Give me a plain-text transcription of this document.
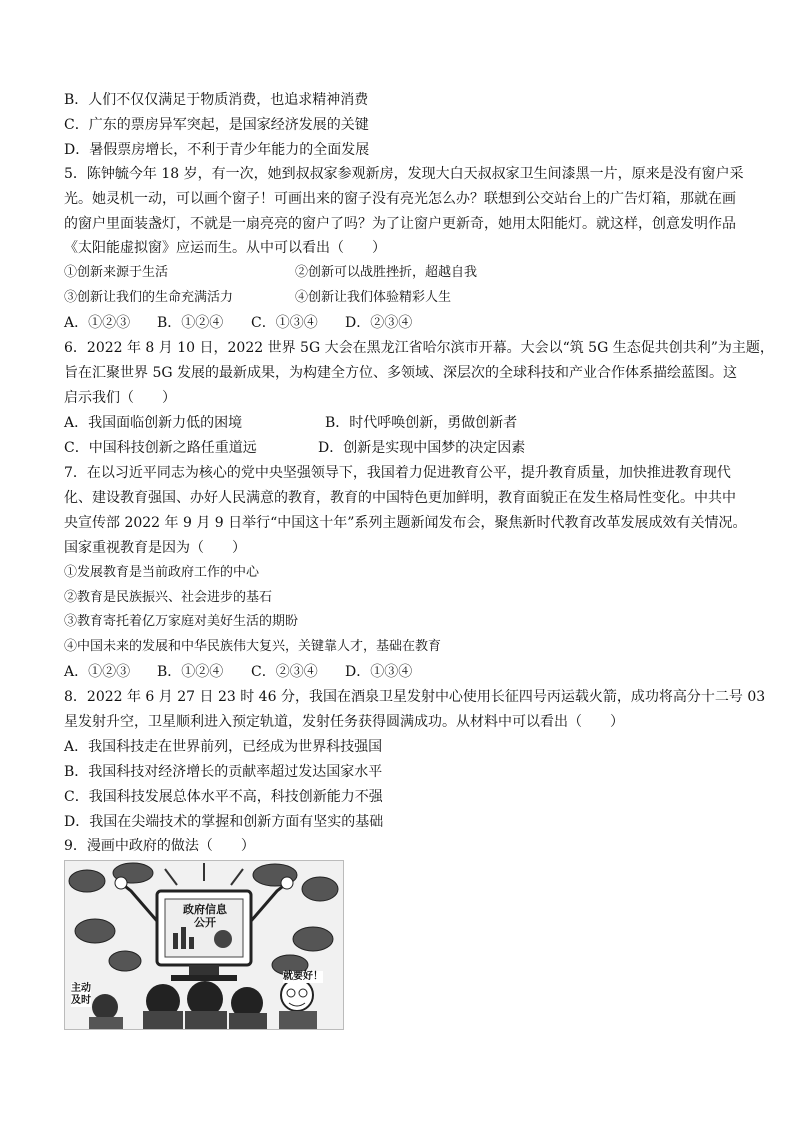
B．人们不仅仅满足于物质消费，也追求精神消费
C．广东的票房异军突起，是国家经济发展的关键
D．暑假票房增长，不利于青少年能力的全面发展
5．陈钟毓今年 18 岁，有一次，她到叔叔家参观新房，发现大白天叔叔家卫生间漆黑一片，原来是没有窗户采
光。她灵机一动，可以画个窗子！可画出来的窗子没有亮光怎么办？联想到公交站台上的广告灯箱，那就在画
的窗户里面装盏灯，不就是一扇亮亮的窗户了吗？为了让窗户更新奇，她用太阳能灯。就这样，创意发明作品
《太阳能虚拟窗》应运而生。从中可以看出（　　）
①创新来源于生活	②创新可以战胜挫折，超越自我
③创新让我们的生命充满活力	④创新让我们体验精彩人生
A．①②③ B．①②④ C．①③④ D．②③④
6．2022 年 8 月 10 日，2022 世界 5G 大会在黑龙江省哈尔滨市开幕。大会以“筑 5G 生态促共创共利”为主题，
旨在汇聚世界 5G 发展的最新成果，为构建全方位、多领域、深层次的全球科技和产业合作体系描绘蓝图。这
启示我们（　　）
A．我国面临创新力低的困境	B．时代呼唤创新，勇做创新者
C．中国科技创新之路任重道远	D．创新是实现中国梦的决定因素
7．在以习近平同志为核心的党中央坚强领导下，我国着力促进教育公平，提升教育质量，加快推进教育现代
化、建设教育强国、办好人民满意的教育，教育的中国特色更加鲜明，教育面貌正在发生格局性变化。中共中
央宣传部 2022 年 9 月 9 日举行“中国这十年”系列主题新闻发布会，聚焦新时代教育改革发展成效有关情况。
国家重视教育是因为（　　）
①发展教育是当前政府工作的中心
②教育是民族振兴、社会进步的基石
③教育寄托着亿万家庭对美好生活的期盼
④中国未来的发展和中华民族伟大复兴，关键靠人才，基础在教育
A．①②③ B．①②④ C．②③④ D．①③④
8．2022 年 6 月 27 日 23 时 46 分，我国在酒泉卫星发射中心使用长征四号丙运载火箭，成功将高分十二号 03
星发射升空，卫星顺利进入预定轨道，发射任务获得圆满成功。从材料中可以看出（　　）
A．我国科技走在世界前列，已经成为世界科技强国
B．我国科技对经济增长的贡献率超过发达国家水平
C．我国科技发展总体水平不高，科技创新能力不强
D．我国在尖端技术的掌握和创新方面有坚实的基础
9．漫画中政府的做法（　　）
政府信息
公开
主动
及时
就要好！
